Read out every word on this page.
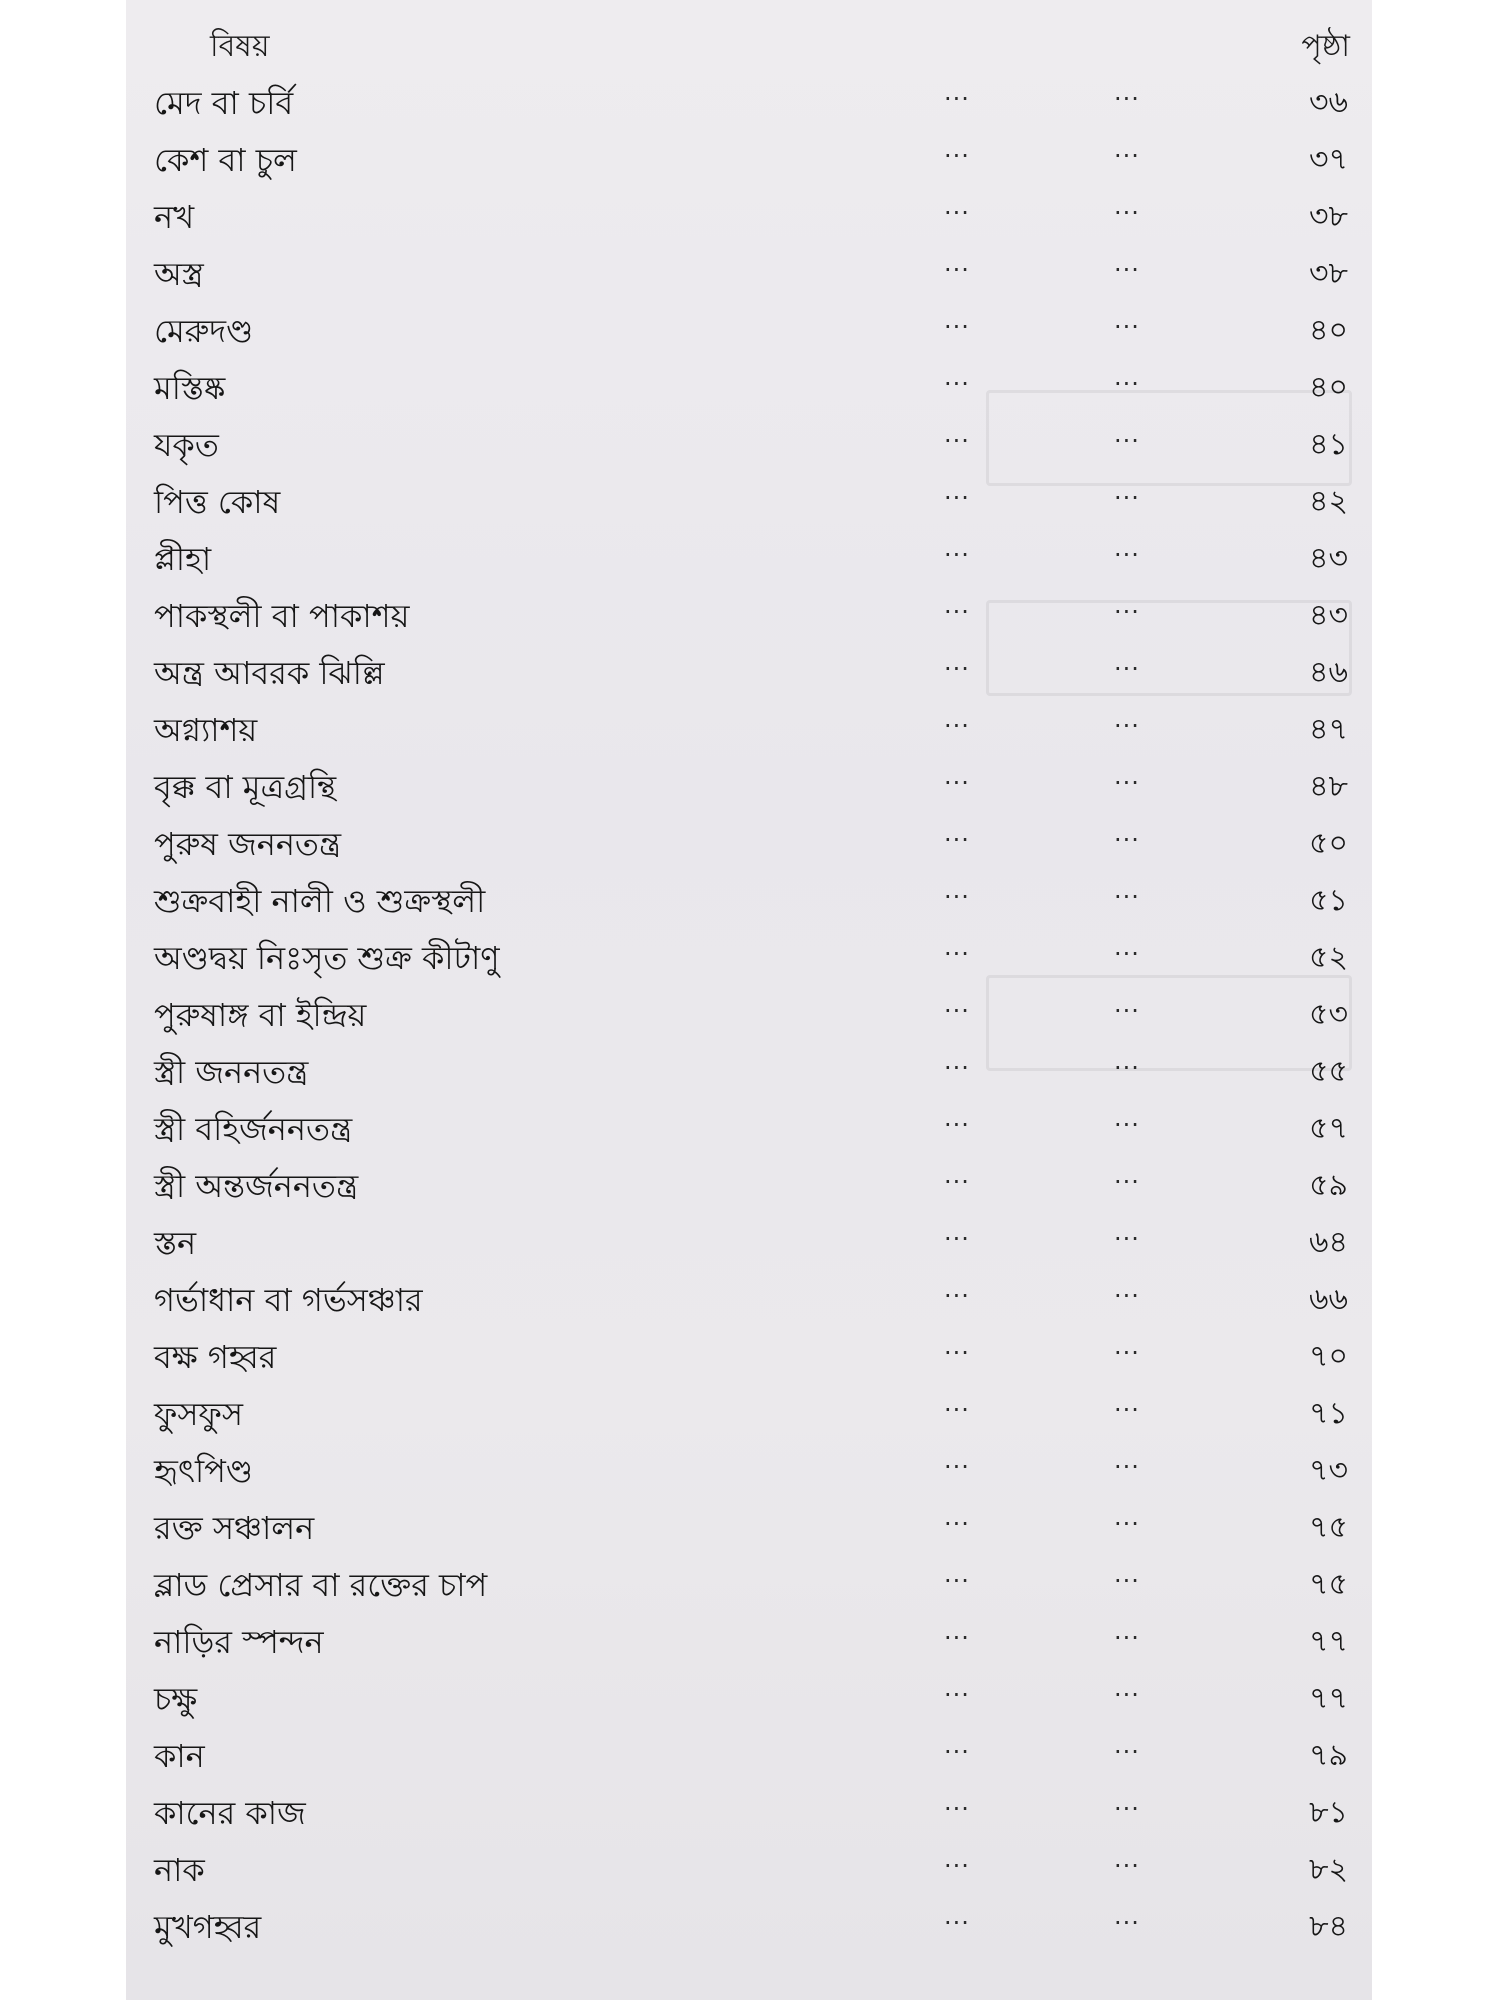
বিষয়	পৃষ্ঠা
মেদ বা চর্বি	...	...	৩৬
কেশ বা চুল	...	...	৩৭
নখ	...	...	৩৮
অস্ত্র	...	...	৩৮
মেরুদণ্ড	...	...	৪০
মস্তিষ্ক	...	...	৪০
যকৃত	...	...	৪১
পিত্ত কোষ	...	...	৪২
প্লীহা	...	...	৪৩
পাকস্থলী বা পাকাশয়	...	...	৪৩
অন্ত্র আবরক ঝিল্লি	...	...	৪৬
অগ্ন্যাশয়	...	...	৪৭
বৃক্ক বা মূত্রগ্রন্থি	...	...	৪৮
পুরুষ জননতন্ত্র	...	...	৫০
শুক্রবাহী নালী ও শুক্রস্থলী	...	...	৫১
অণ্ডদ্বয় নিঃসৃত শুক্র কীটাণু	...	...	৫২
পুরুষাঙ্গ বা ইন্দ্রিয়	...	...	৫৩
স্ত্রী জননতন্ত্র	...	...	৫৫
স্ত্রী বহির্জননতন্ত্র	...	...	৫৭
স্ত্রী অন্তর্জননতন্ত্র	...	...	৫৯
স্তন	...	...	৬৪
গর্ভাধান বা গর্ভসঞ্চার	...	...	৬৬
বক্ষ গহ্বর	...	...	৭০
ফুসফুস	...	...	৭১
হৃৎপিণ্ড	...	...	৭৩
রক্ত সঞ্চালন	...	...	৭৫
ব্লাড প্রেসার বা রক্তের চাপ	...	...	৭৫
নাড়ির স্পন্দন	...	...	৭৭
চক্ষু	...	...	৭৭
কান	...	...	৭৯
কানের কাজ	...	...	৮১
নাক	...	...	৮২
মুখগহ্বর	...	...	৮৪
